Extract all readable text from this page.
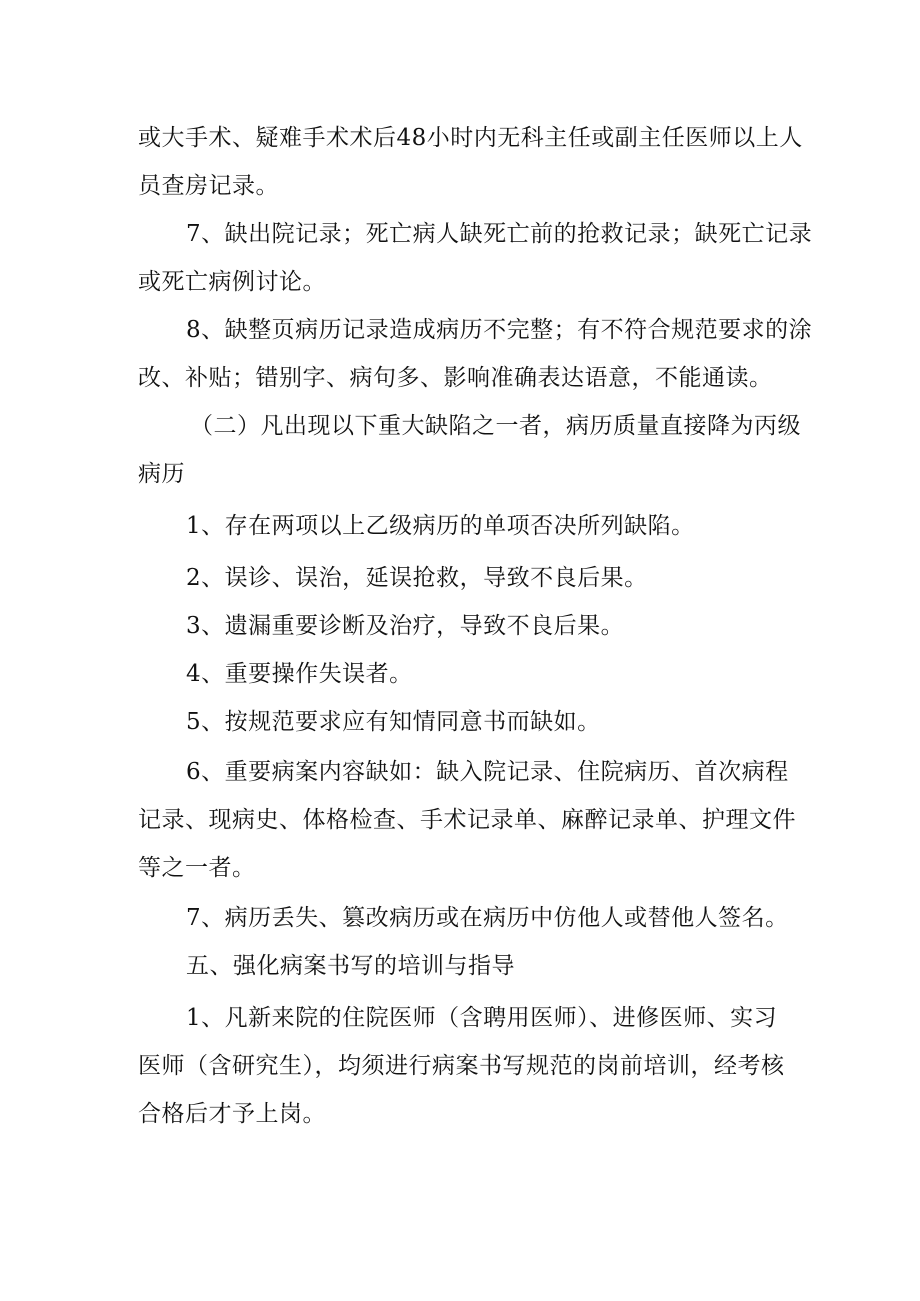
或大手术、疑难手术术后48小时内无科主任或副主任医师以上人
员查房记录。
7、缺出院记录；死亡病人缺死亡前的抢救记录；缺死亡记录
或死亡病例讨论。
8、缺整页病历记录造成病历不完整；有不符合规范要求的涂
改、补贴；错别字、病句多、影响准确表达语意，不能通读。
（二）凡出现以下重大缺陷之一者，病历质量直接降为丙级
病历
1、存在两项以上乙级病历的单项否决所列缺陷。
2、误诊、误治，延误抢救，导致不良后果。
3、遗漏重要诊断及治疗，导致不良后果。
4、重要操作失误者。
5、按规范要求应有知情同意书而缺如。
6、重要病案内容缺如：缺入院记录、住院病历、首次病程
记录、现病史、体格检查、手术记录单、麻醉记录单、护理文件
等之一者。
7、病历丢失、篡改病历或在病历中仿他人或替他人签名。
五、强化病案书写的培训与指导
1、凡新来院的住院医师（含聘用医师）、进修医师、实习
医师（含研究生），均须进行病案书写规范的岗前培训，经考核
合格后才予上岗。
